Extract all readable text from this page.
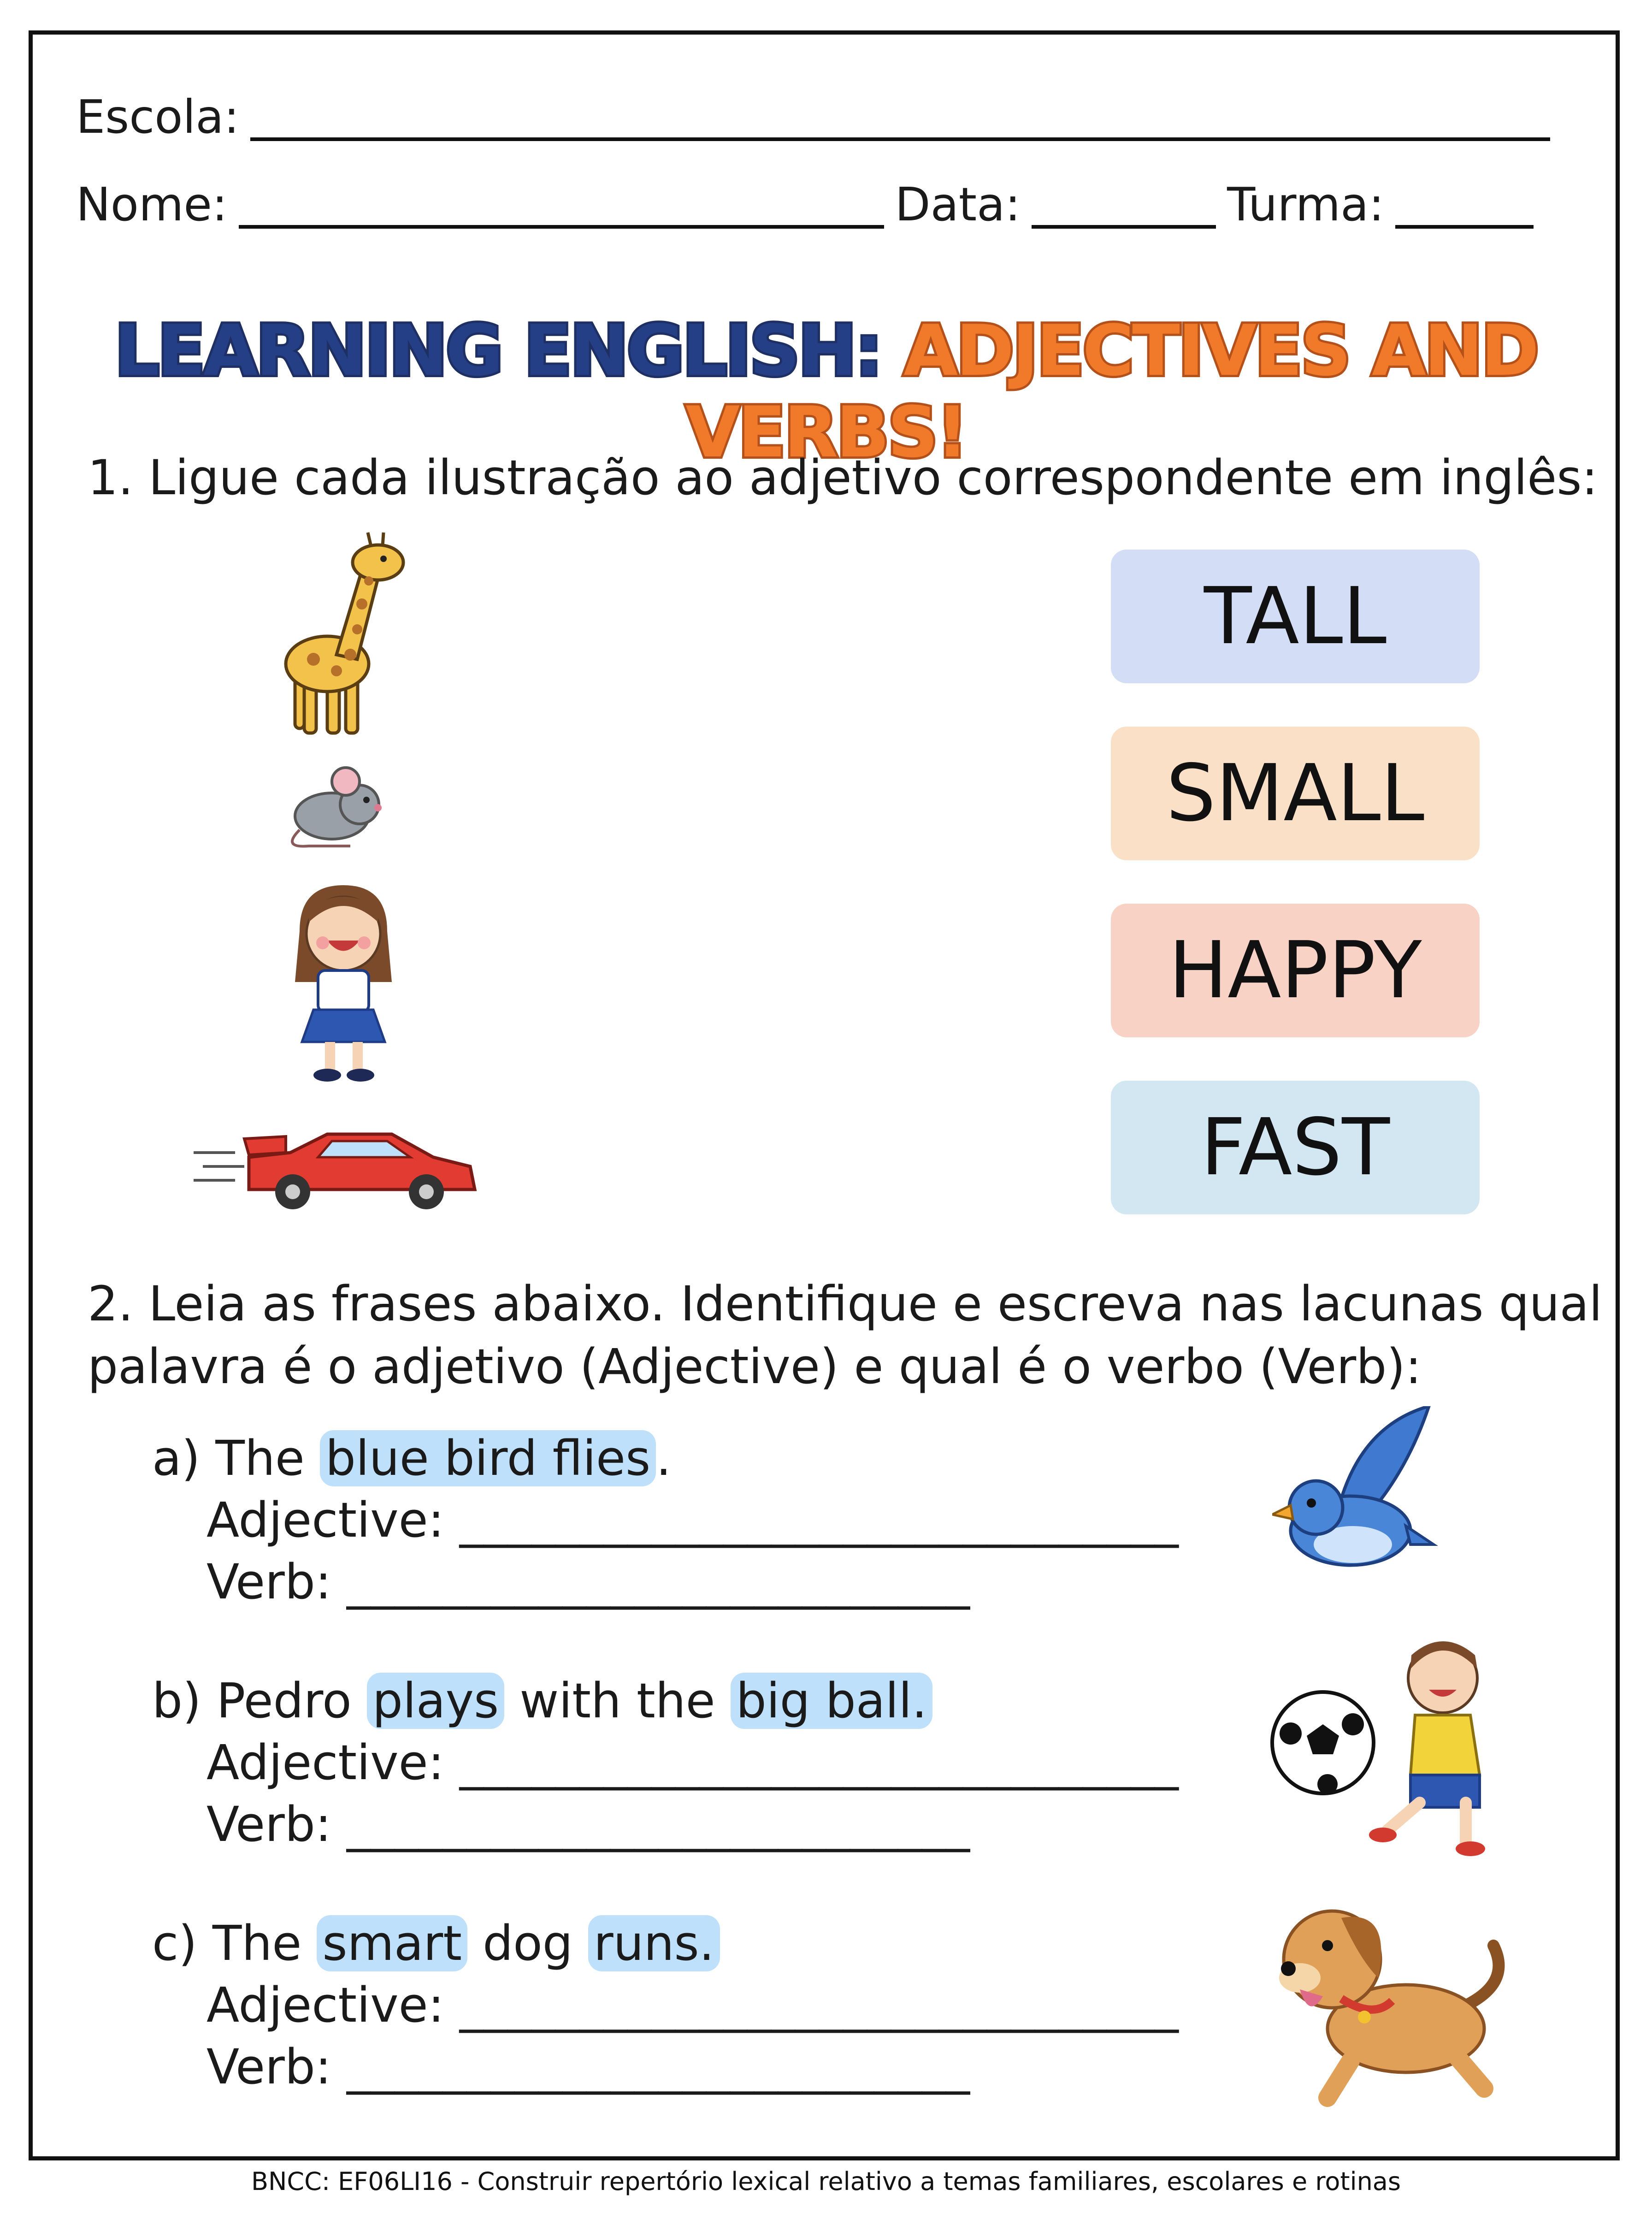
Escola:
Nome:	Data:	Turma:
LEARNING ENGLISH: ADJECTIVES AND VERBS!
1. Ligue cada ilustração ao adjetivo correspondente em inglês:
TALL
SMALL
HAPPY
FAST
2. Leia as frases abaixo. Identifique e escreva nas lacunas qual
palavra é o adjetivo (Adjective) e qual é o verbo (Verb):
a) The blue bird flies .
Adjective: ______________________________
Verb: __________________________
b) Pedro plays with the big ball.
Adjective: ______________________________
Verb: __________________________
c) The smart dog runs.
Adjective: ______________________________
Verb: __________________________
BNCC: EF06LI16 - Construir repertório lexical relativo a temas familiares, escolares e rotinas
